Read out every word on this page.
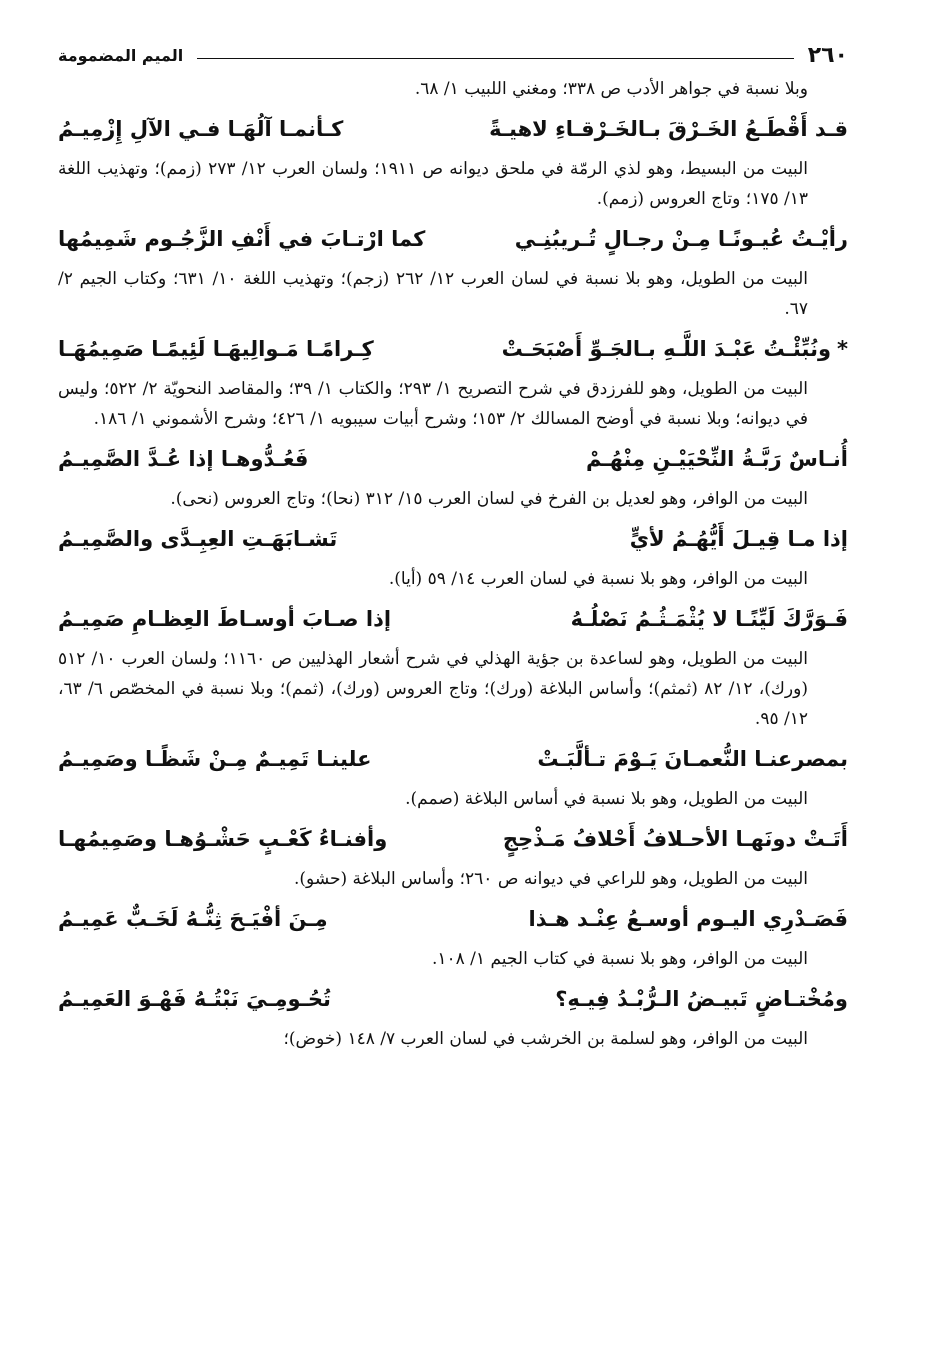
٢٦٠
الميم المضمومة

وبلا نسبة في جواهر الأدب ص ٣٣٨؛ ومغني اللبيب ١/ ٦٨.

قـد أَقْطَـعُ الخَـرْقَ بـالخَـرْقـاءِ لاهيـةً
كـأنمـا آلُهَـا فـي الآلِ إِزْمِيـمُ

البيت من البسيط، وهو لذي الرمّة في ملحق ديوانه ص ١٩١١؛ ولسان العرب ١٢/ ٢٧٣ (زمم)؛ وتهذيب اللغة ١٣/ ١٧٥؛ وتاج العروس (زمم).

رأيْـتُ عُيـونًـا مِـنْ رجـالٍ تُـريبُنِـي
كما ارْتـابَ في أَنْفِ الزَّجُـوم شَمِيمُها

البيت من الطويل، وهو بلا نسبة في لسان العرب ١٢/ ٢٦٢ (زجم)؛ وتهذيب اللغة ١٠/ ٦٣١؛ وكتاب الجيم ٢/ ٦٧.

*ونُبِّئْـتُ عَبْـدَ اللَّـهِ بـالجَـوِّ أَصْبَحَـتْ
كِـرامًـا مَـوالِيهَـا لَئِيمًـا صَمِيمُهَـا

البيت من الطويل، وهو للفرزدق في شرح التصريح ١/ ٢٩٣؛ والكتاب ١/ ٣٩؛ والمقاصد النحويّة ٢/ ٥٢٢؛ وليس في ديوانه؛ وبلا نسبة في أوضح المسالك ٢/ ١٥٣؛ وشرح أبيات سيبويه ١/ ٤٢٦؛ وشرح الأشموني ١/ ١٨٦.

أُنـاسٌ رَبَّـةُ النِّحْيَيْـنِ مِنْهُـمْ
فَعُـدُّوهـا إذا عُـدَّ الصَّمِيـمُ

البيت من الوافر، وهو لعديل بن الفرخ في لسان العرب ١٥/ ٣١٢ (نحا)؛ وتاج العروس (نحى).

إذا مـا قِيـلَ أَيُّهُـمُ لأيٍّ
تَشـابَهَـتِ العِبِـدَّى والصَّمِيـمُ

البيت من الوافر، وهو بلا نسبة في لسان العرب ١٤/ ٥٩ (أيا).

فَـوَرَّكَ لَيِّنًـا لا يُثْمَـثُـمُ نَصْلُـهُ
إذا صـابَ أوسـاطَ العِظـامِ صَمِيـمُ

البيت من الطويل، وهو لساعدة بن جؤية الهذلي في شرح أشعار الهذليين ص ١١٦٠؛ ولسان العرب ١٠/ ٥١٢ (ورك)، ١٢/ ٨٢ (ثمثم)؛ وأساس البلاغة (ورك)؛ وتاج العروس (ورك)، (ثمم)؛ وبلا نسبة في المخصّص ٦/ ٦٣، ١٢/ ٩٥.

بمصرعنـا النُّعمـانَ يَـوْمَ تـألَّبَـتْ
علينـا تَمِيـمٌ مِـنْ شَظًـا وصَمِيـمُ

البيت من الطويل، وهو بلا نسبة في أساس البلاغة (صمم).

أَتَـتْ دونَهـا الأحـلافُ أَحْلافُ مَـذْحِجٍ
وأفنـاءُ كَعْـبٍ حَشْـوُهـا وصَمِيمُهـا

البيت من الطويل، وهو للراعي في ديوانه ص ٢٦٠؛ وأساس البلاغة (حشو).

فَصَـدْرِي اليـوم أوسـعُ عِنْـد هـذا
مِـنَ أفْيَـحَ ثِنُّـهُ لَخَـبٌّ عَمِيـمُ

البيت من الوافر، وهو بلا نسبة في كتاب الجيم ١/ ١٠٨.

ومُخْتـاضٍ تَبيـضُ الـرُّبْـدُ فِيـهِ؟
تُحُـومِـيَ نَبْتُـهُ فَهْـوَ العَمِيـمُ

البيت من الوافر، وهو لسلمة بن الخرشب في لسان العرب ٧/ ١٤٨ (خوض)؛
